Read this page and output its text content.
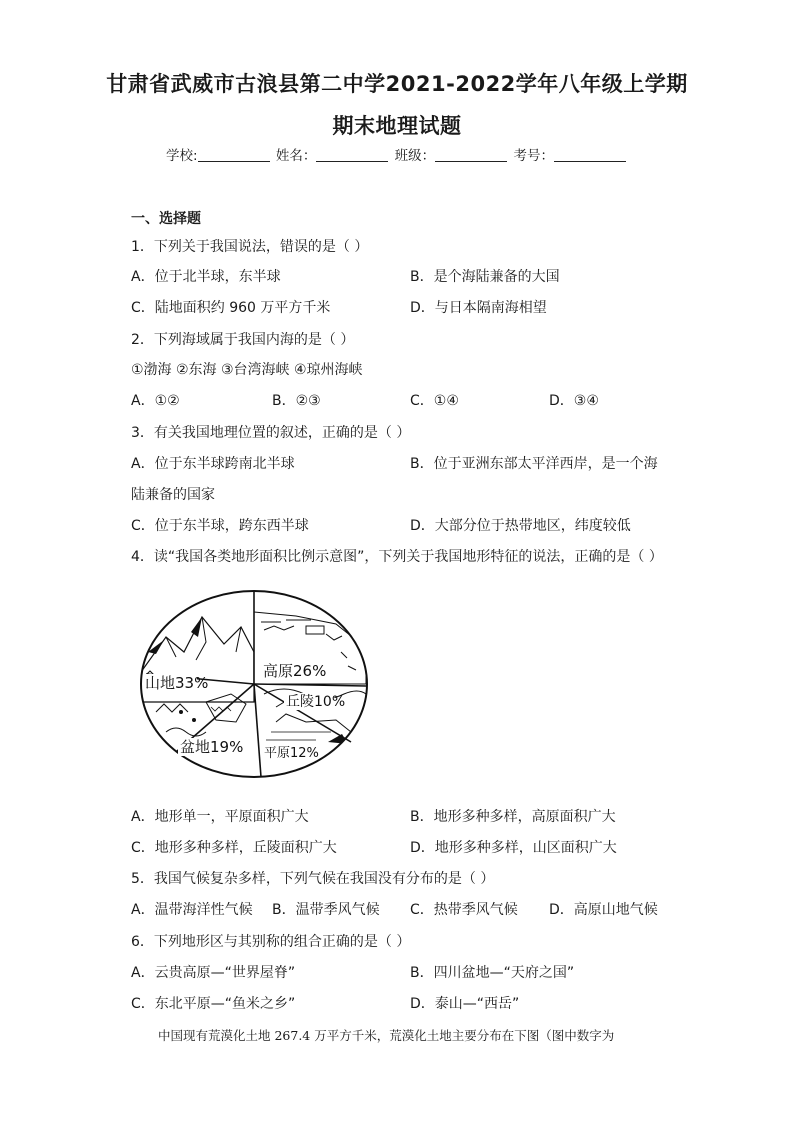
甘肃省武威市古浪县第二中学2021-2022学年八年级上学期
期末地理试题
学校:	姓名：	班级：	考号：
一、选择题
1．下列关于我国说法，错误的是（ ）
A．位于北半球，东半球	B．是个海陆兼备的大国
C．陆地面积约 960 万平方千米	D．与日本隔南海相望
2．下列海域属于我国内海的是（ ）
①渤海 ②东海 ③台湾海峡 ④琼州海峡
A．①②	B．②③	C．①④	D．③④
3．有关我国地理位置的叙述，正确的是（ ）
A．位于东半球跨南北半球	B．位于亚洲东部太平洋西岸，是一个海
陆兼备的国家
C．位于东半球，跨东西半球	D．大部分位于热带地区，纬度较低
4．读“我国各类地形面积比例示意图”，下列关于我国地形特征的说法，正确的是（ ）
高原26%
山地33%
丘陵10%
平原12%
盆地19%
A．地形单一，平原面积广大	B．地形多种多样，高原面积广大
C．地形多种多样，丘陵面积广大	D．地形多种多样，山区面积广大
5．我国气候复杂多样，下列气候在我国没有分布的是（ ）
A．温带海洋性气候 B．温带季风气候 C．热带季风气候 D．高原山地气候
6．下列地形区与其别称的组合正确的是（ ）
A．云贵高原—“世界屋脊”	B．四川盆地—“天府之国”
C．东北平原—“鱼米之乡”	D．泰山—“西岳”
中国现有荒漠化土地 267.4 万平方千米，荒漠化土地主要分布在下图（图中数字为
